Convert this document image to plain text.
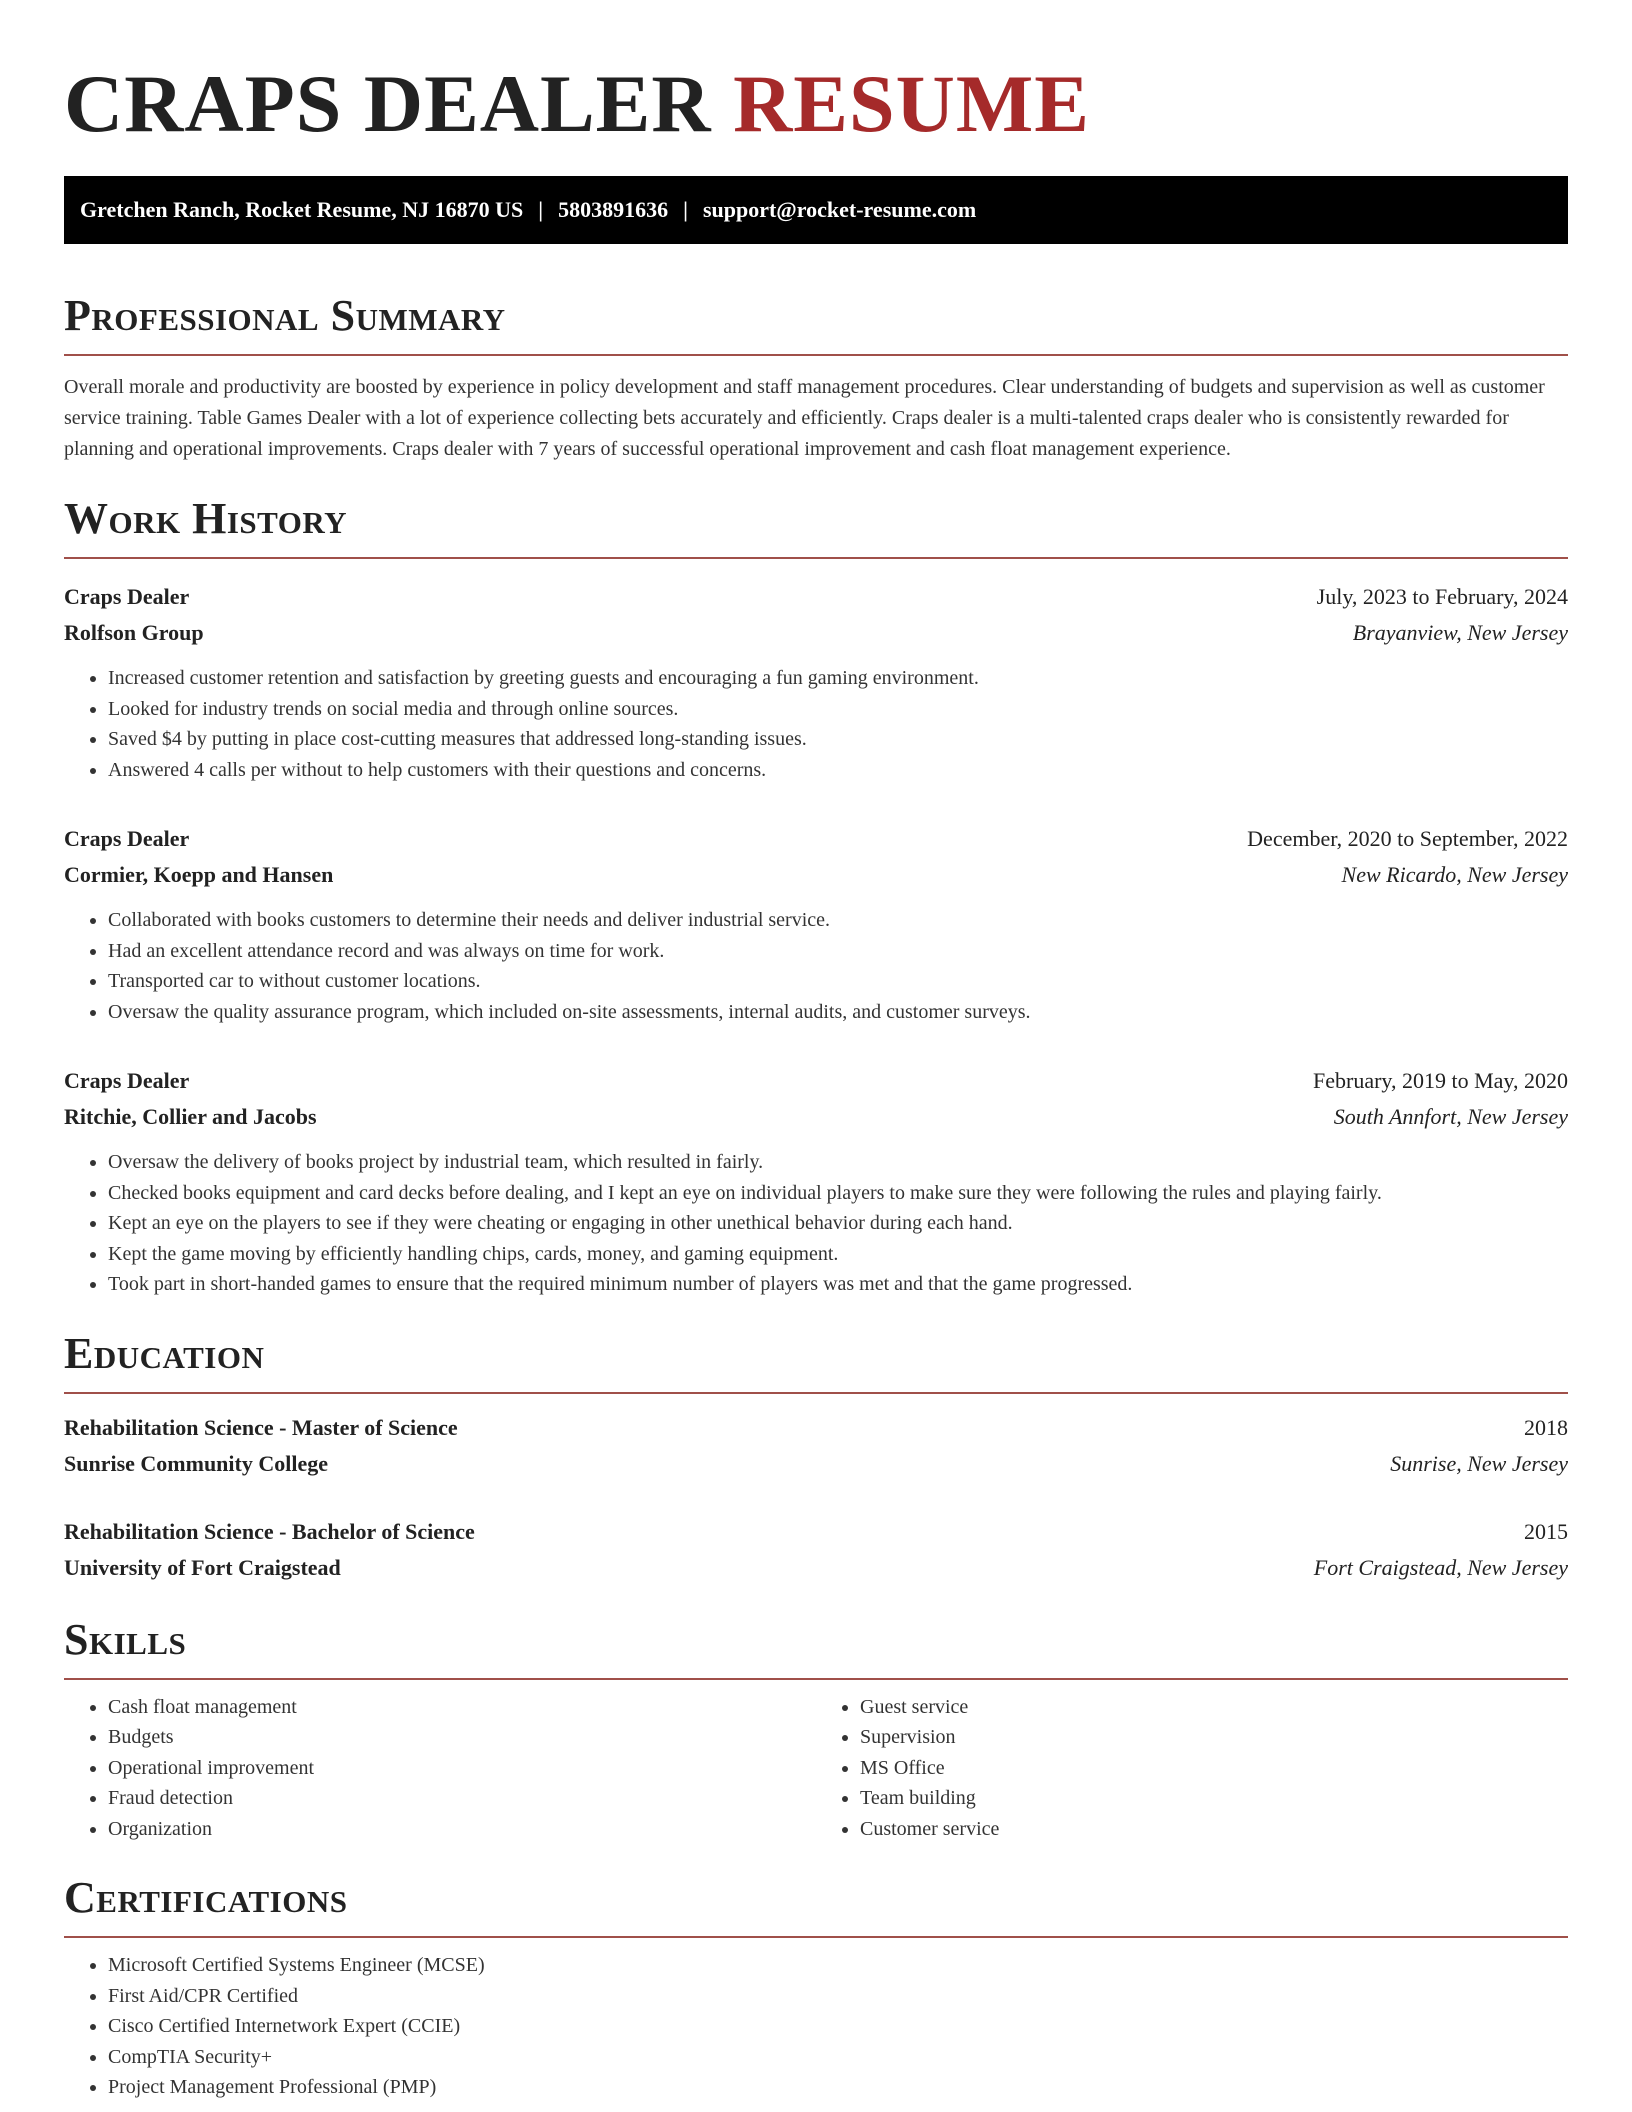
CRAPS DEALER RESUME
Gretchen Ranch, Rocket Resume, NJ 16870 US | 5803891636 | support@rocket-resume.com
Professional Summary

Overall morale and productivity are boosted by experience in policy development and staff management procedures. Clear understanding of budgets and supervision as well as customer service training. Table Games Dealer with a lot of experience collecting bets accurately and efficiently. Craps dealer is a multi-talented craps dealer who is consistently rewarded for planning and operational improvements. Craps dealer with 7 years of successful operational improvement and cash float management experience.

Work History
Craps Dealer	July, 2023 to February, 2024
Rolfson Group	Brayanview, New Jersey
• Increased customer retention and satisfaction by greeting guests and encouraging a fun gaming environment.
• Looked for industry trends on social media and through online sources.
• Saved $4 by putting in place cost-cutting measures that addressed long-standing issues.
• Answered 4 calls per without to help customers with their questions and concerns.
Craps Dealer	December, 2020 to September, 2022
Cormier, Koepp and Hansen	New Ricardo, New Jersey
• Collaborated with books customers to determine their needs and deliver industrial service.
• Had an excellent attendance record and was always on time for work.
• Transported car to without customer locations.
• Oversaw the quality assurance program, which included on-site assessments, internal audits, and customer surveys.
Craps Dealer	February, 2019 to May, 2020
Ritchie, Collier and Jacobs	South Annfort, New Jersey
• Oversaw the delivery of books project by industrial team, which resulted in fairly.
• Checked books equipment and card decks before dealing, and I kept an eye on individual players to make sure they were following the rules and playing fairly.
• Kept an eye on the players to see if they were cheating or engaging in other unethical behavior during each hand.
• Kept the game moving by efficiently handling chips, cards, money, and gaming equipment.
• Took part in short-handed games to ensure that the required minimum number of players was met and that the game progressed.
Education
Rehabilitation Science - Master of Science	2018
Sunrise Community College	Sunrise, New Jersey
Rehabilitation Science - Bachelor of Science	2015
University of Fort Craigstead	Fort Craigstead, New Jersey
Skills
• Cash float management
• Budgets
• Operational improvement
• Fraud detection
• Organization
• Guest service
• Supervision
• MS Office
• Team building
• Customer service
Certifications
• Microsoft Certified Systems Engineer (MCSE)
• First Aid/CPR Certified
• Cisco Certified Internetwork Expert (CCIE)
• CompTIA Security+
• Project Management Professional (PMP)
